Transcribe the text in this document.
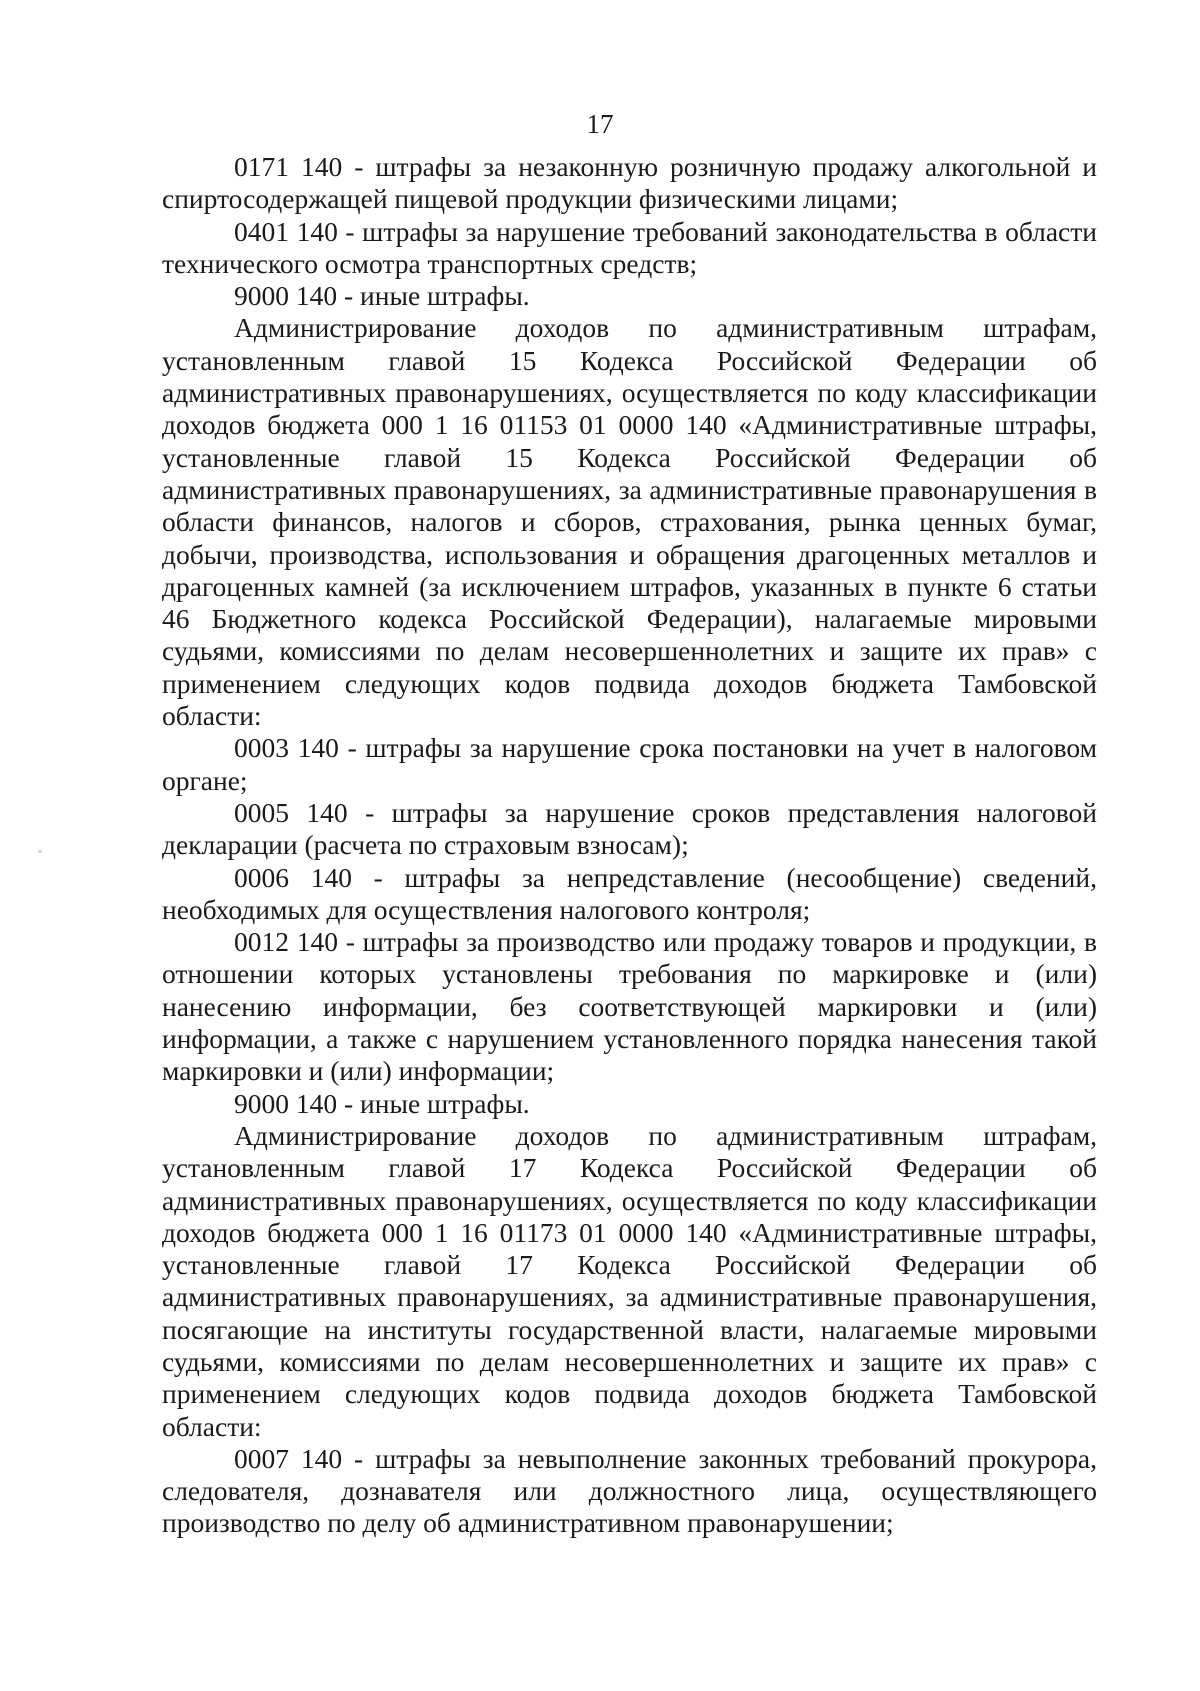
17

0171 140 - штрафы за незаконную розничную продажу алкогольной и спиртосодержащей пищевой продукции физическими лицами;

0401 140 - штрафы за нарушение требований законодательства в области технического осмотра транспортных средств;

9000 140 - иные штрафы.

Администрирование доходов по административным штрафам, установленным главой 15 Кодекса Российской Федерации об административных правонарушениях, осуществляется по коду классификации доходов бюджета 000 1 16 01153 01 0000 140 «Административные штрафы, установленные главой 15 Кодекса Российской Федерации об административных правонарушениях, за административные правонарушения в области финансов, налогов и сборов, страхования, рынка ценных бумаг, добычи, производства, использования и обращения драгоценных металлов и драгоценных камней (за исключением штрафов, указанных в пункте 6 статьи 46 Бюджетного кодекса Российской Федерации), налагаемые мировыми судьями, комиссиями по делам несовершеннолетних и защите их прав» с применением следующих кодов подвида доходов бюджета Тамбовской области:

0003 140 - штрафы за нарушение срока постановки на учет в налоговом органе;

0005 140 - штрафы за нарушение сроков представления налоговой декларации (расчета по страховым взносам);

0006 140 - штрафы за непредставление (несообщение) сведений, необходимых для осуществления налогового контроля;

0012 140 - штрафы за производство или продажу товаров и продукции, в отношении которых установлены требования по маркировке и (или) нанесению информации, без соответствующей маркировки и (или) информации, а также с нарушением установленного порядка нанесения такой маркировки и (или) информации;

9000 140 - иные штрафы.

Администрирование доходов по административным штрафам, установленным главой 17 Кодекса Российской Федерации об административных правонарушениях, осуществляется по коду классификации доходов бюджета 000 1 16 01173 01 0000 140 «Административные штрафы, установленные главой 17 Кодекса Российской Федерации об административных правонарушениях, за административные правонарушения, посягающие на институты государственной власти, налагаемые мировыми судьями, комиссиями по делам несовершеннолетних и защите их прав» с применением следующих кодов подвида доходов бюджета Тамбовской области:

0007 140 - штрафы за невыполнение законных требований прокурора, следователя, дознавателя или должностного лица, осуществляющего производство по делу об административном правонарушении;
